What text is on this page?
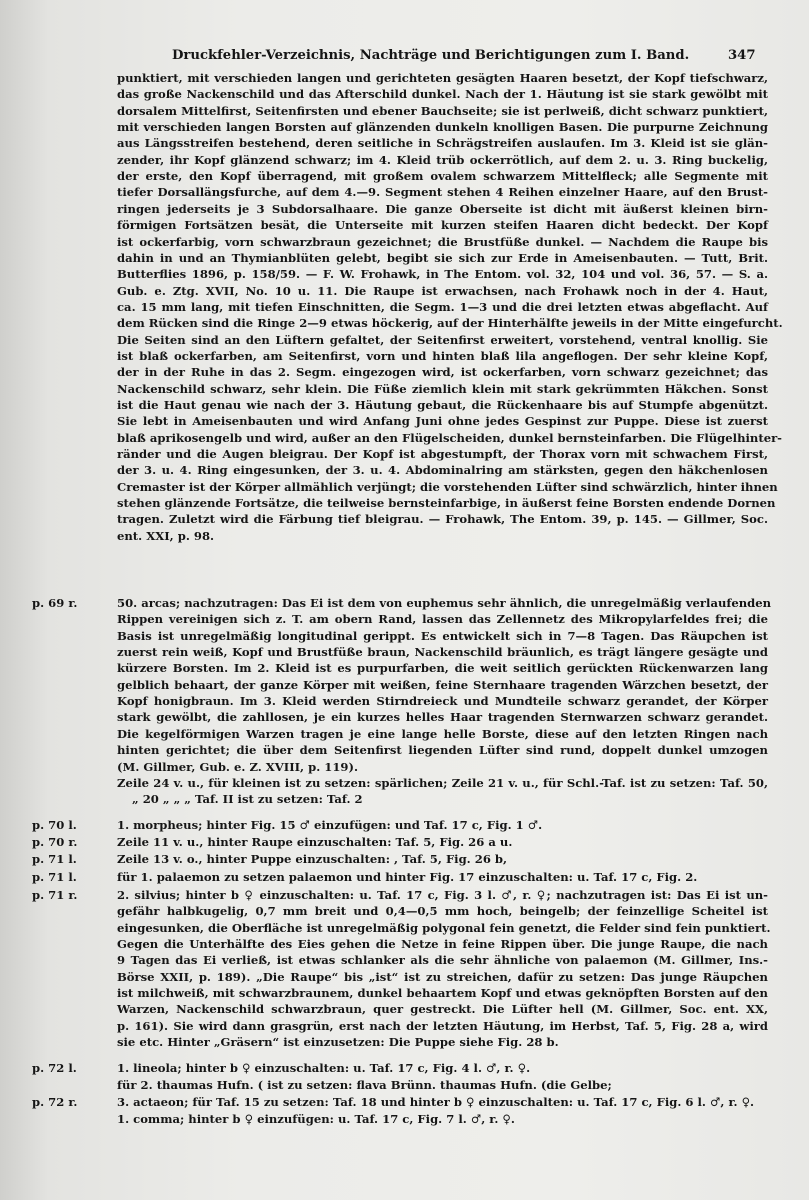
Druckfehler-Verzeichnis, Nachträge und Berichtigungen zum I. Band.	347
punktiert, mit verschieden langen und gerichteten gesägten Haaren besetzt, der Kopf tiefschwarz,
das große Nackenschild und das Afterschild dunkel. Nach der 1. Häutung ist sie stark gewölbt mit
dorsalem Mittelfirst, Seitenfirsten und ebener Bauchseite; sie ist perlweiß, dicht schwarz punktiert,
mit verschieden langen Borsten auf glänzenden dunkeln knolligen Basen. Die purpurne Zeichnung
aus Längsstreifen bestehend, deren seitliche in Schrägstreifen auslaufen. Im 3. Kleid ist sie glän-
zender, ihr Kopf glänzend schwarz; im 4. Kleid trüb ockerrötlich, auf dem 2. u. 3. Ring buckelig,
der erste, den Kopf überragend, mit großem ovalem schwarzem Mittelfleck; alle Segmente mit
tiefer Dorsallängsfurche, auf dem 4.—9. Segment stehen 4 Reihen einzelner Haare, auf den Brust-
ringen jederseits je 3 Subdorsalhaare. Die ganze Oberseite ist dicht mit äußerst kleinen birn-
förmigen Fortsätzen besät, die Unterseite mit kurzen steifen Haaren dicht bedeckt. Der Kopf
ist ockerfarbig, vorn schwarzbraun gezeichnet; die Brustfüße dunkel. — Nachdem die Raupe bis
dahin in und an Thymianblüten gelebt, begibt sie sich zur Erde in Ameisenbauten. — Tutt, Brit.
Butterflies 1896, p. 158/59. — F. W. Frohawk, in The Entom. vol. 32, 104 und vol. 36, 57. — S. a.
Gub. e. Ztg. XVII, No. 10 u. 11. Die Raupe ist erwachsen, nach Frohawk noch in der 4. Haut,
ca. 15 mm lang, mit tiefen Einschnitten, die Segm. 1—3 und die drei letzten etwas abgeflacht. Auf
dem Rücken sind die Ringe 2—9 etwas höckerig, auf der Hinterhälfte jeweils in der Mitte eingefurcht.
Die Seiten sind an den Lüftern gefaltet, der Seitenfirst erweitert, vorstehend, ventral knollig. Sie
ist blaß ockerfarben, am Seitenfirst, vorn und hinten blaß lila angeflogen. Der sehr kleine Kopf,
der in der Ruhe in das 2. Segm. eingezogen wird, ist ockerfarben, vorn schwarz gezeichnet; das
Nackenschild schwarz, sehr klein. Die Füße ziemlich klein mit stark gekrümmten Häkchen. Sonst
ist die Haut genau wie nach der 3. Häutung gebaut, die Rückenhaare bis auf Stumpfe abgenützt.
Sie lebt in Ameisenbauten und wird Anfang Juni ohne jedes Gespinst zur Puppe. Diese ist zuerst
blaß aprikosengelb und wird, außer an den Flügelscheiden, dunkel bernsteinfarben. Die Flügelhinter-
ränder und die Augen bleigrau. Der Kopf ist abgestumpft, der Thorax vorn mit schwachem First,
der 3. u. 4. Ring eingesunken, der 3. u. 4. Abdominalring am stärksten, gegen den häkchenlosen
Cremaster ist der Körper allmählich verjüngt; die vorstehenden Lüfter sind schwärzlich, hinter ihnen
stehen glänzende Fortsätze, die teilweise bernsteinfarbige, in äußerst feine Borsten endende Dornen
tragen. Zuletzt wird die Färbung tief bleigrau. — Frohawk, The Entom. 39, p. 145. — Gillmer, Soc.
ent. XXI, p. 98.
p. 69 r.	50. arcas; nachzutragen: Das Ei ist dem von euphemus sehr ähnlich, die unregelmäßig verlaufenden
Rippen vereinigen sich z. T. am obern Rand, lassen das Zellennetz des Mikropylarfeldes frei; die
Basis ist unregelmäßig longitudinal gerippt. Es entwickelt sich in 7—8 Tagen. Das Räupchen ist
zuerst rein weiß, Kopf und Brustfüße braun, Nackenschild bräunlich, es trägt längere gesägte und
kürzere Borsten. Im 2. Kleid ist es purpurfarben, die weit seitlich gerückten Rückenwarzen lang
gelblich behaart, der ganze Körper mit weißen, feine Sternhaare tragenden Wärzchen besetzt, der
Kopf honigbraun. Im 3. Kleid werden Stirndreieck und Mundteile schwarz gerandet, der Körper
stark gewölbt, die zahllosen, je ein kurzes helles Haar tragenden Sternwarzen schwarz gerandet.
Die kegelförmigen Warzen tragen je eine lange helle Borste, diese auf den letzten Ringen nach
hinten gerichtet; die über dem Seitenfirst liegenden Lüfter sind rund, doppelt dunkel umzogen
(M. Gillmer, Gub. e. Z. XVIII, p. 119).
Zeile 24 v. u., für kleinen ist zu setzen: spärlichen; Zeile 21 v. u., für Schl.-Taf. ist zu setzen: Taf. 50,
„ 20 „ „ „ Taf. II ist zu setzen: Taf. 2
p. 70 l.	1. morpheus; hinter Fig. 15 ♂ einzufügen: und Taf. 17 c, Fig. 1 ♂.
p. 70 r.	Zeile 11 v. u., hinter Raupe einzuschalten: Taf. 5, Fig. 26 a u.
p. 71 l.	Zeile 13 v. o., hinter Puppe einzuschalten: , Taf. 5, Fig. 26 b,
p. 71 l.	für 1. palaemon zu setzen palaemon und hinter Fig. 17 einzuschalten: u. Taf. 17 c, Fig. 2.
p. 71 r.	2. silvius; hinter b ♀ einzuschalten: u. Taf. 17 c, Fig. 3 l. ♂, r. ♀; nachzutragen ist: Das Ei ist un-
gefähr halbkugelig, 0,7 mm breit und 0,4—0,5 mm hoch, beingelb; der feinzellige Scheitel ist
eingesunken, die Oberfläche ist unregelmäßig polygonal fein genetzt, die Felder sind fein punktiert.
Gegen die Unterhälfte des Eies gehen die Netze in feine Rippen über. Die junge Raupe, die nach
9 Tagen das Ei verließ, ist etwas schlanker als die sehr ähnliche von palaemon (M. Gillmer, Ins.-
Börse XXII, p. 189). „Die Raupe“ bis „ist“ ist zu streichen, dafür zu setzen: Das junge Räupchen
ist milchweiß, mit schwarzbraunem, dunkel behaartem Kopf und etwas geknöpften Borsten auf den
Warzen, Nackenschild schwarzbraun, quer gestreckt. Die Lüfter hell (M. Gillmer, Soc. ent. XX,
p. 161). Sie wird dann grasgrün, erst nach der letzten Häutung, im Herbst, Taf. 5, Fig. 28 a, wird
sie etc. Hinter „Gräsern“ ist einzusetzen: Die Puppe siehe Fig. 28 b.
p. 72 l.	1. lineola; hinter b ♀ einzuschalten: u. Taf. 17 c, Fig. 4 l. ♂, r. ♀.
für 2. thaumas Hufn. ( ist zu setzen: flava Brünn. thaumas Hufn. (die Gelbe;
p. 72 r.	3. actaeon; für Taf. 15 zu setzen: Taf. 18 und hinter b ♀ einzuschalten: u. Taf. 17 c, Fig. 6 l. ♂, r. ♀.
1. comma; hinter b ♀ einzufügen: u. Taf. 17 c, Fig. 7 l. ♂, r. ♀.
